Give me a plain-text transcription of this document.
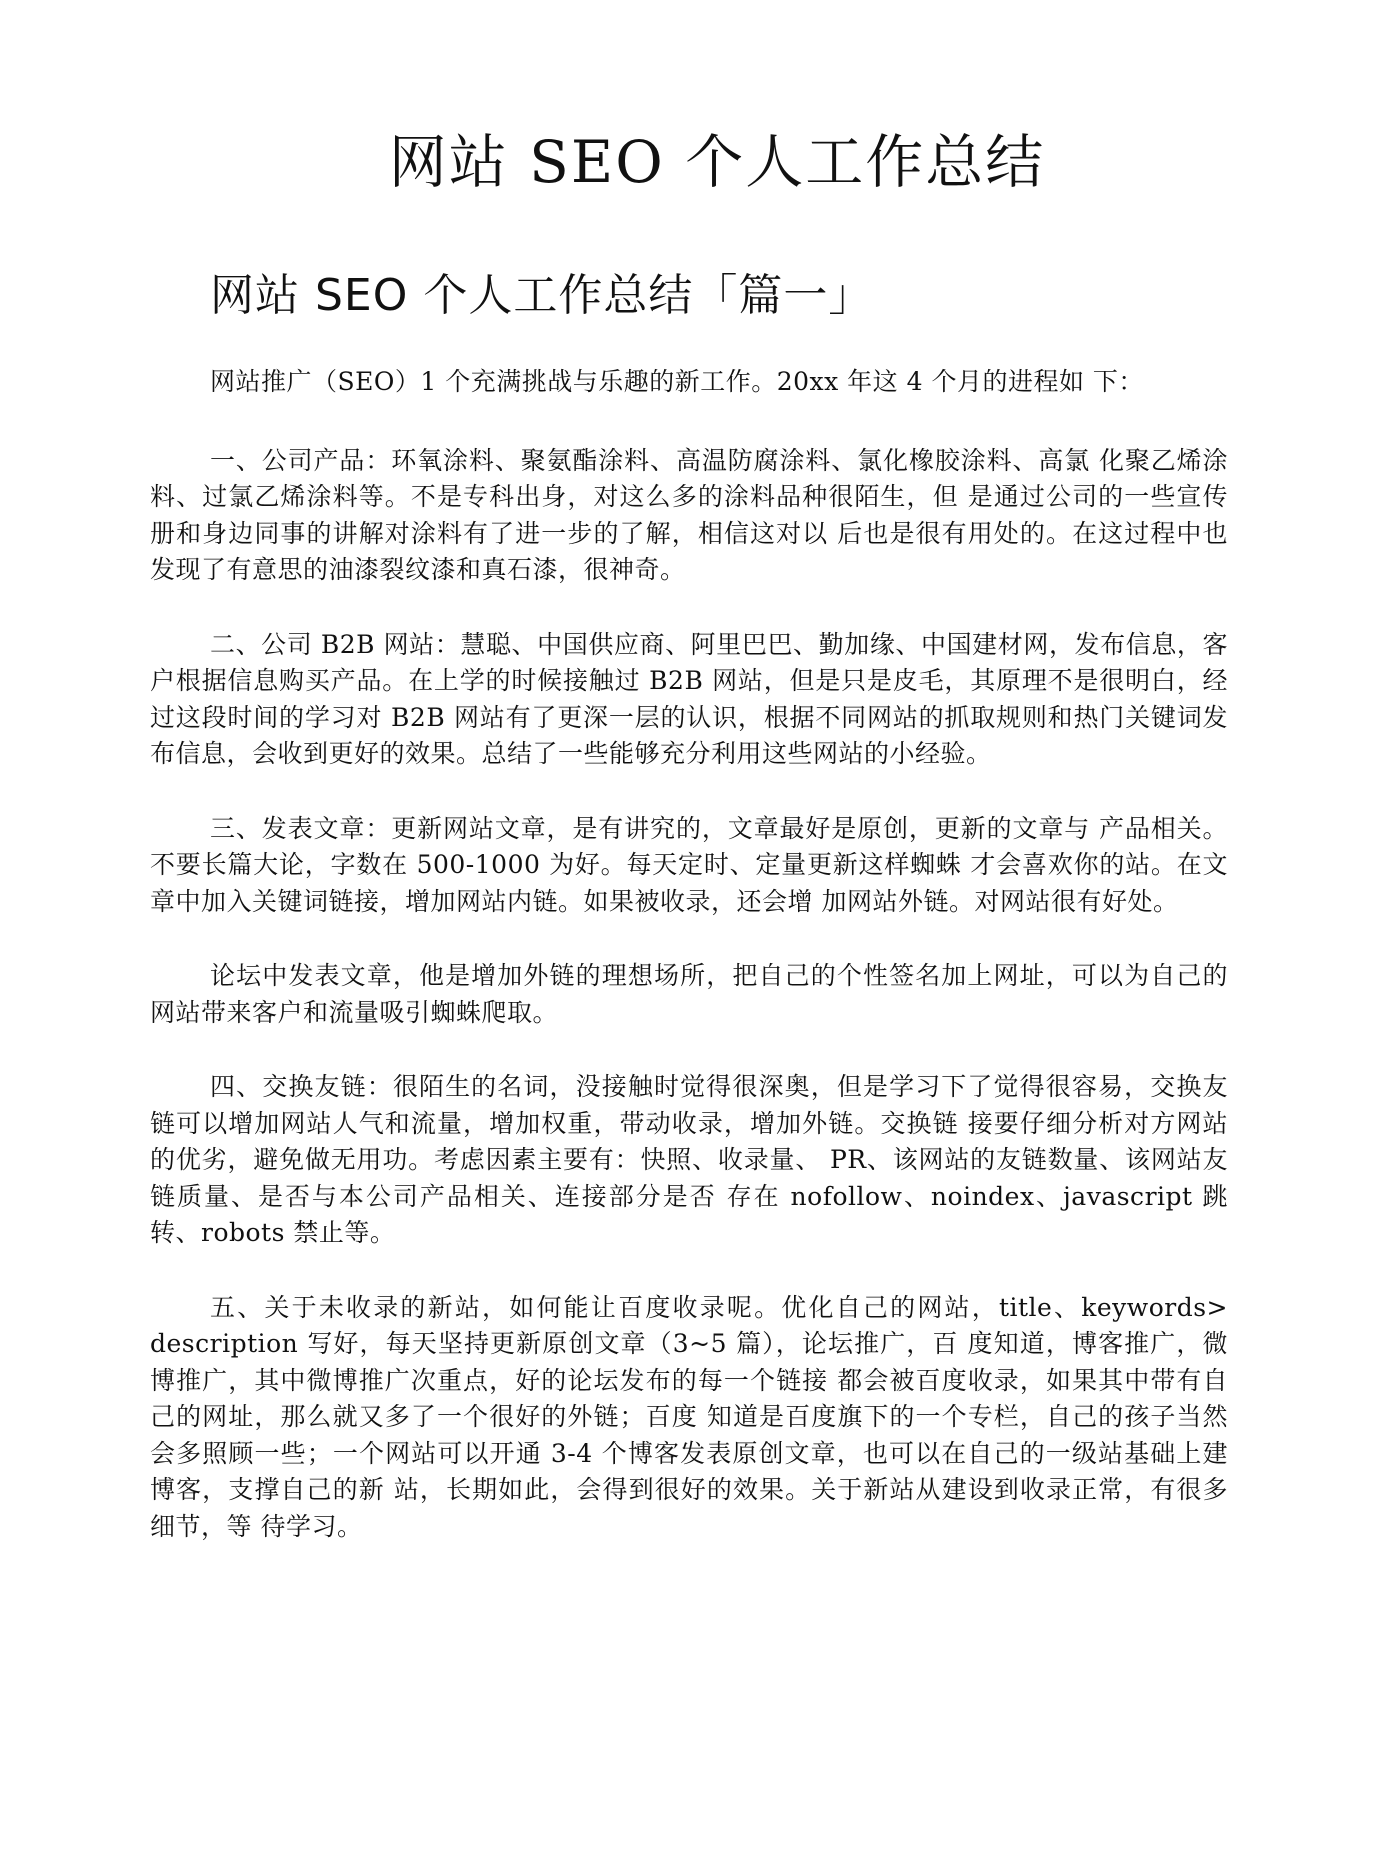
网站 SEO 个人工作总结
网站 SEO 个人工作总结「篇一」

网站推广（SEO）1 个充满挑战与乐趣的新工作。20xx 年这 4 个月的进程如 下：

一、公司产品：环氧涂料、聚氨酯涂料、高温防腐涂料、氯化橡胶涂料、高氯 化聚乙烯涂料、过氯乙烯涂料等。不是专科出身，对这么多的涂料品种很陌生，但 是通过公司的一些宣传册和身边同事的讲解对涂料有了进一步的了解，相信这对以 后也是很有用处的。在这过程中也发现了有意思的油漆裂纹漆和真石漆，很神奇。

二、公司 B2B 网站：慧聪、中国供应商、阿里巴巴、勤加缘、中国建材网，发布信息，客户根据信息购买产品。在上学的时候接触过 B2B 网站，但是只是皮毛，其原理不是很明白，经过这段时间的学习对 B2B 网站有了更深一层的认识，根据不同网站的抓取规则和热门关键词发布信息，会收到更好的效果。总结了一些能够充分利用这些网站的小经验。

三、发表文章：更新网站文章，是有讲究的，文章最好是原创，更新的文章与 产品相关。不要长篇大论，字数在 500-1000 为好。每天定时、定量更新这样蜘蛛 才会喜欢你的站。在文章中加入关键词链接，增加网站内链。如果被收录，还会增 加网站外链。对网站很有好处。

论坛中发表文章，他是增加外链的理想场所，把自己的个性签名加上网址，可以为自己的网站带来客户和流量吸引蜘蛛爬取。

四、交换友链：很陌生的名词，没接触时觉得很深奥，但是学习下了觉得很容易，交换友链可以增加网站人气和流量，增加权重，带动收录，增加外链。交换链 接要仔细分析对方网站的优劣，避免做无用功。考虑因素主要有：快照、收录量、 PR、该网站的友链数量、该网站友链质量、是否与本公司产品相关、连接部分是否 存在 nofollow、noindex、javascript 跳转、robots 禁止等。

五、关于未收录的新站，如何能让百度收录呢。优化自己的网站，title、keywords> description 写好，每天坚持更新原创文章（3~5 篇），论坛推广，百 度知道，博客推广，微博推广，其中微博推广次重点，好的论坛发布的每一个链接 都会被百度收录，如果其中带有自己的网址，那么就又多了一个很好的外链；百度 知道是百度旗下的一个专栏，自己的孩子当然会多照顾一些；一个网站可以开通 3-4 个博客发表原创文章，也可以在自己的一级站基础上建博客，支撑自己的新 站，长期如此，会得到很好的效果。关于新站从建设到收录正常，有很多细节，等 待学习。
